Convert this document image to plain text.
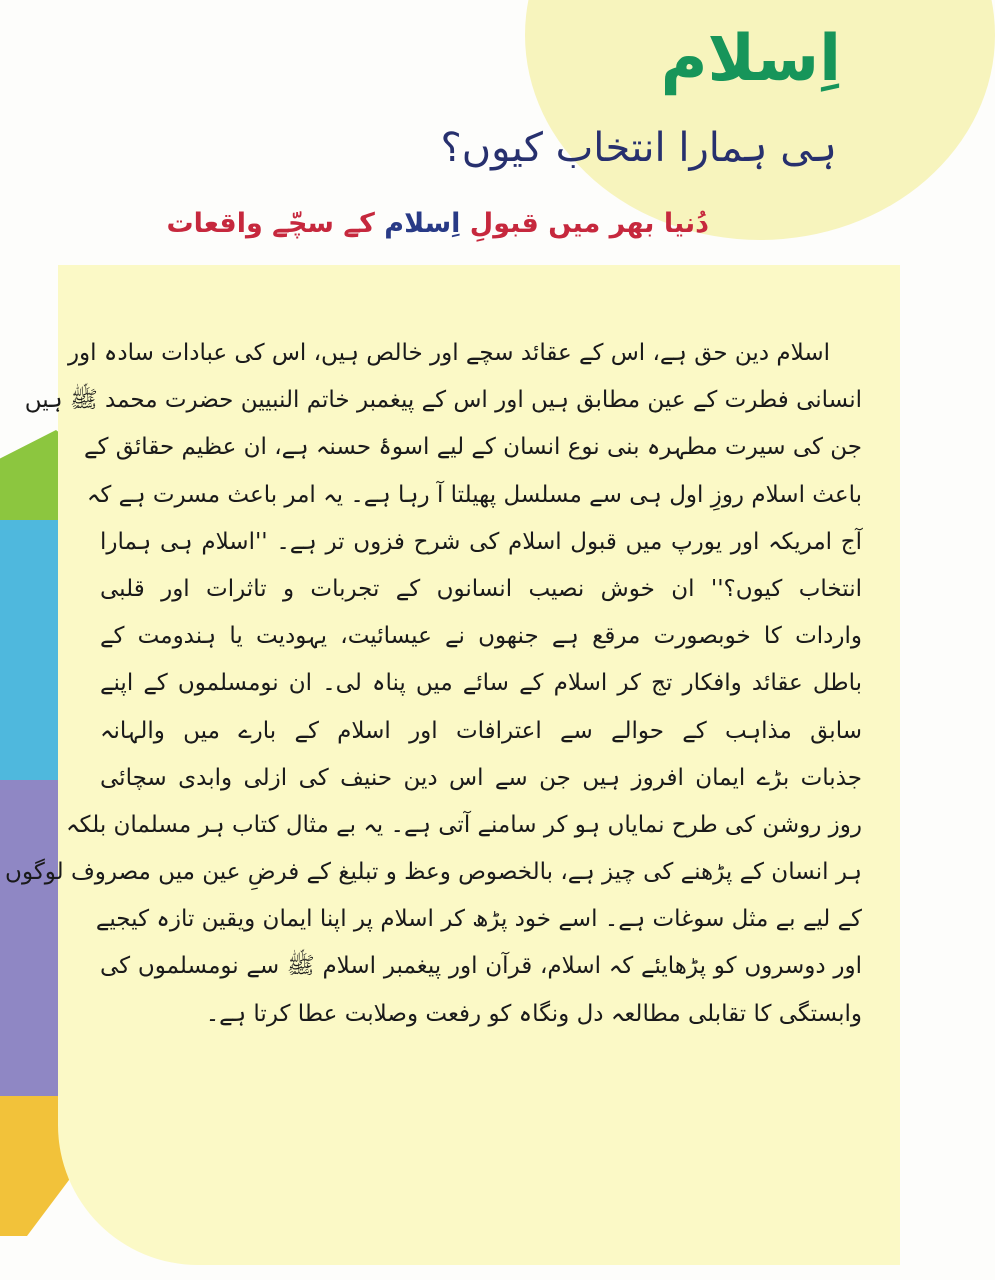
اِسلام
ہی ہمارا انتخاب کیوں؟
دُنیا بھر میں قبولِ اِسلام کے سچّے واقعات
اسلام دین حق ہے، اس کے عقائد سچے اور خالص ہیں، اس کی عبادات سادہ اور
انسانی فطرت کے عین مطابق ہیں اور اس کے پیغمبر خاتم النبیین حضرت محمد ﷺ ہیں
جن کی سیرت مطہرہ بنی نوع انسان کے لیے اسوۂ حسنہ ہے، ان عظیم حقائق کے
باعث اسلام روزِ اول ہی سے مسلسل پھیلتا آ رہا ہے۔ یہ امر باعث مسرت ہے کہ
آج امریکہ اور یورپ میں قبول اسلام کی شرح فزوں تر ہے۔ ''اسلام ہی ہمارا
انتخاب کیوں؟'' ان خوش نصیب انسانوں کے تجربات و تاثرات اور قلبی
واردات کا خوبصورت مرقع ہے جنھوں نے عیسائیت، یہودیت یا ہندومت کے
باطل عقائد وافکار تج کر اسلام کے سائے میں پناہ لی۔ ان نومسلموں کے اپنے
سابق مذاہب کے حوالے سے اعترافات اور اسلام کے بارے میں والہانہ
جذبات بڑے ایمان افروز ہیں جن سے اس دین حنیف کی ازلی وابدی سچائی
روز روشن کی طرح نمایاں ہو کر سامنے آتی ہے۔ یہ بے مثال کتاب ہر مسلمان بلکہ
ہر انسان کے پڑھنے کی چیز ہے، بالخصوص وعظ و تبلیغ کے فرضِ عین میں مصروف لوگوں
کے لیے بے مثل سوغات ہے۔ اسے خود پڑھ کر اسلام پر اپنا ایمان ویقین تازہ کیجیے
اور دوسروں کو پڑھایئے کہ اسلام، قرآن اور پیغمبر اسلام ﷺ سے نومسلموں کی
وابستگی کا تقابلی مطالعہ دل ونگاہ کو رفعت وصلابت عطا کرتا ہے۔
